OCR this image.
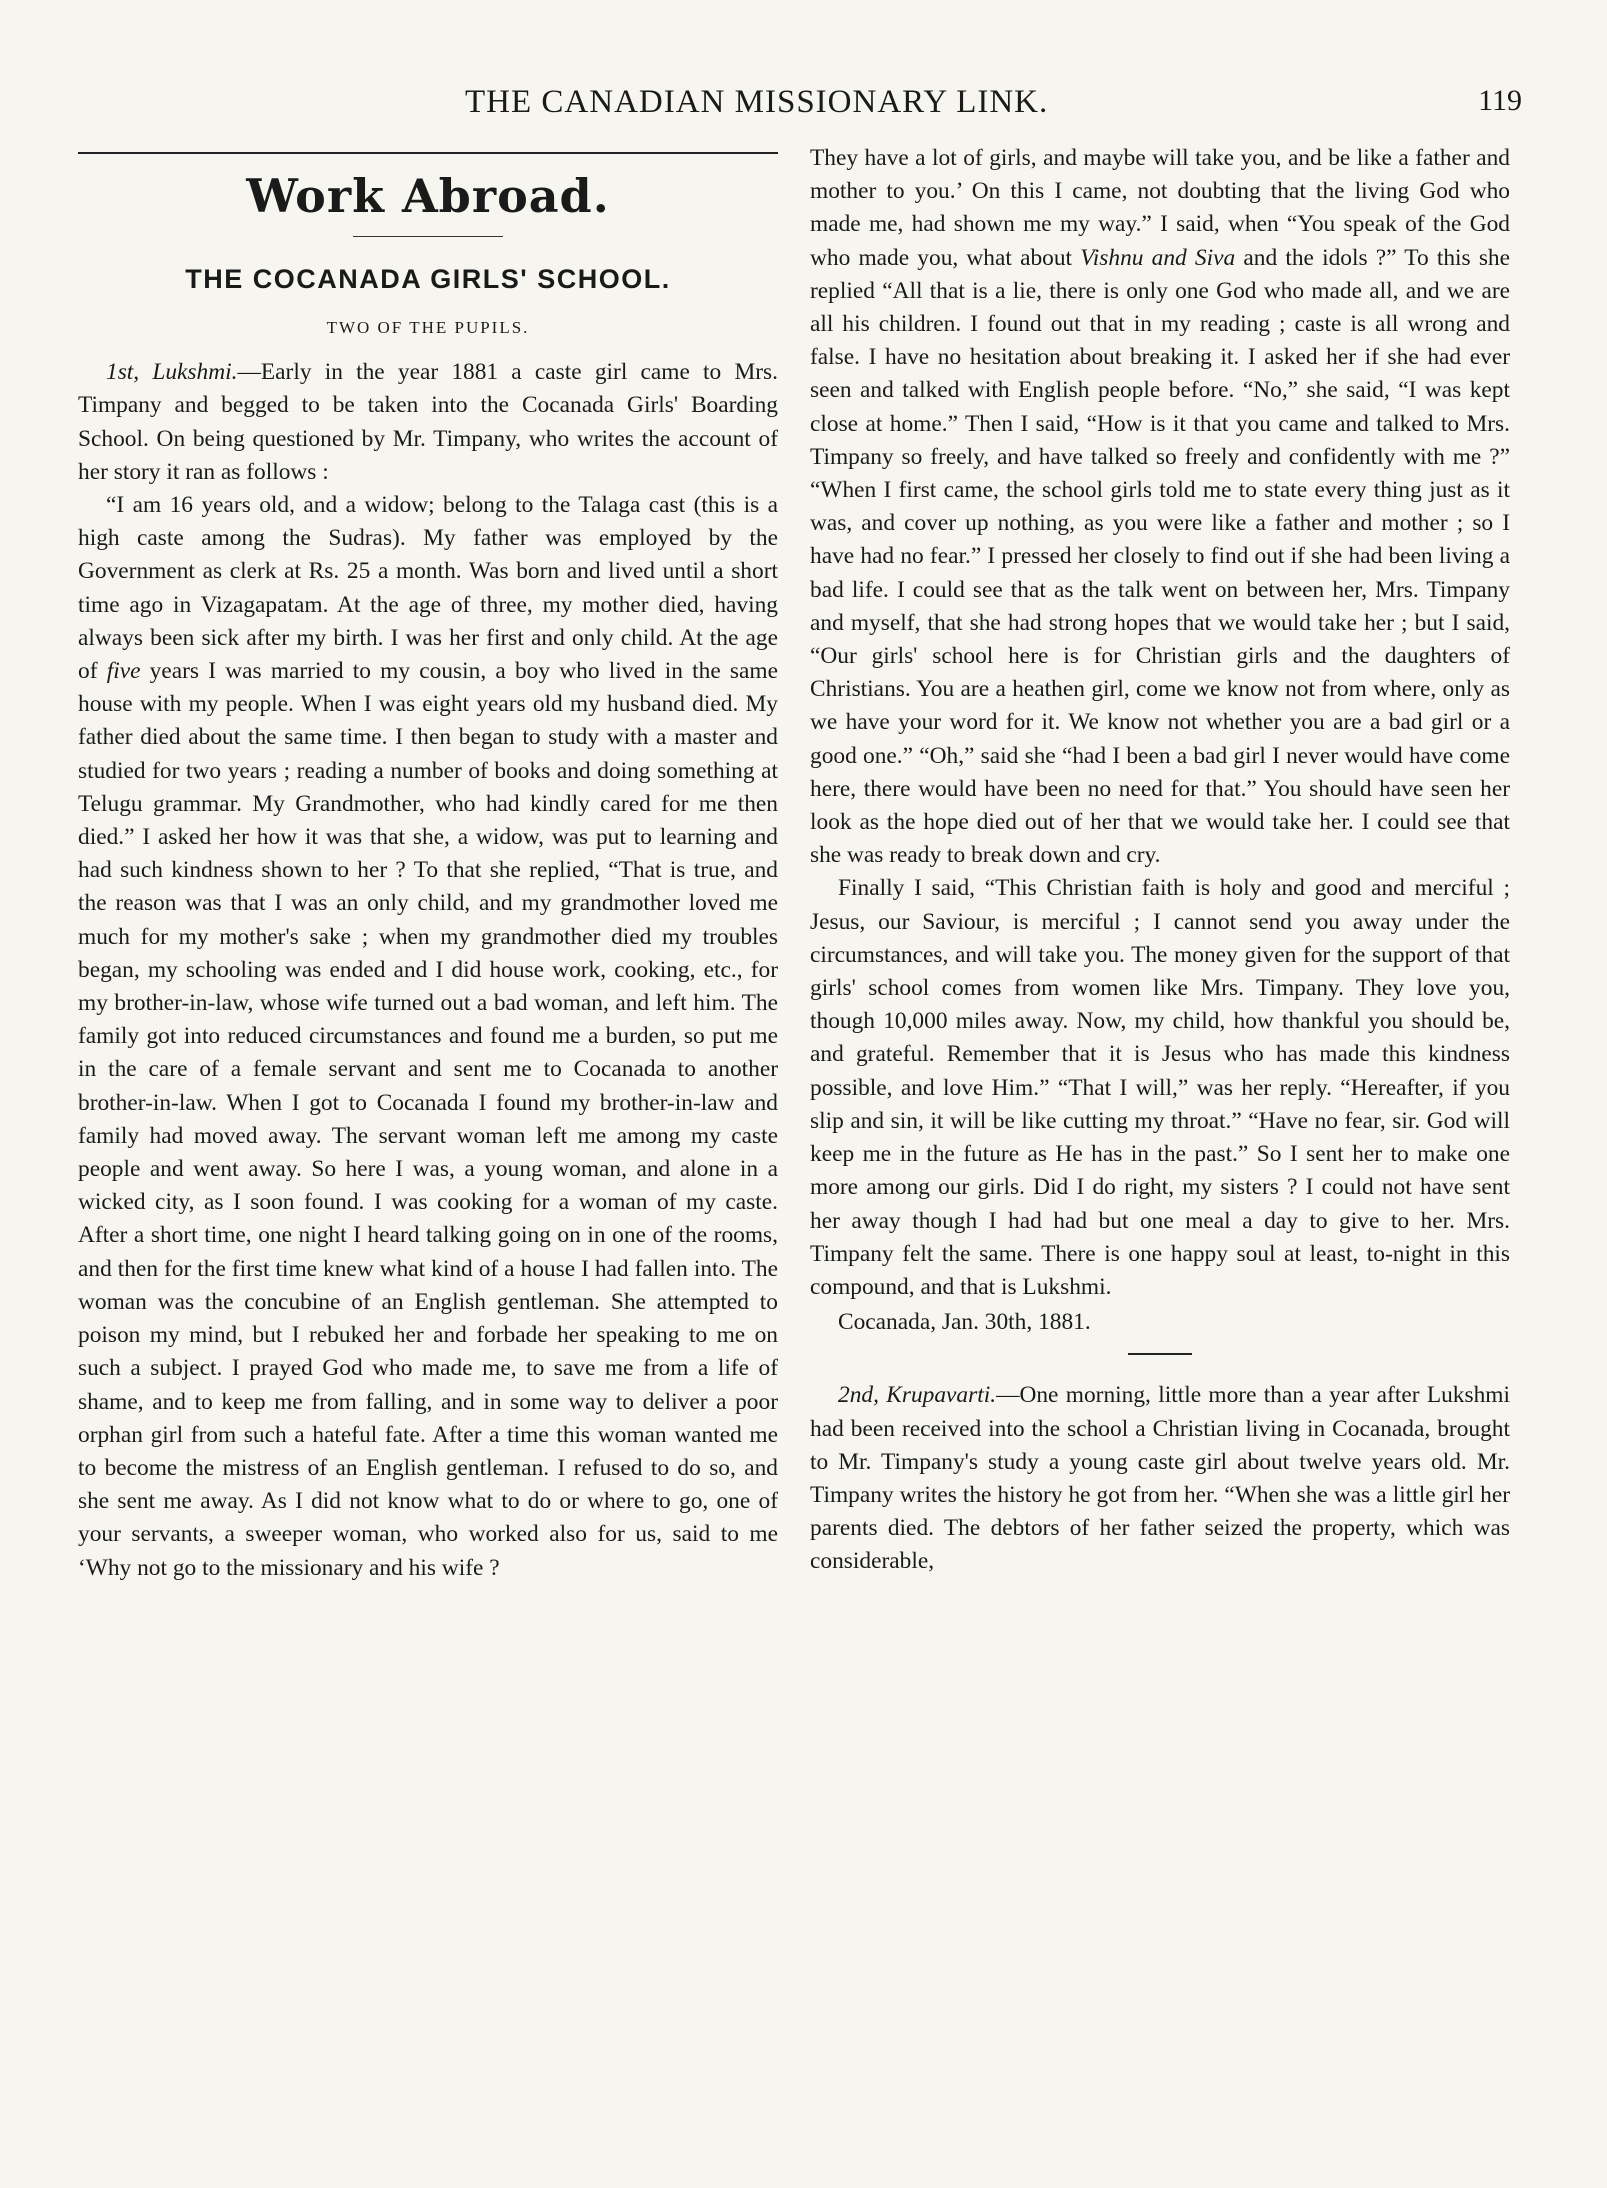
THE CANADIAN MISSIONARY LINK.	119
Work Abroad.
THE COCANADA GIRLS' SCHOOL.
TWO OF THE PUPILS.

1st, Lukshmi.—Early in the year 1881 a caste girl came to Mrs. Timpany and begged to be taken into the Cocanada Girls' Boarding School. On being questioned by Mr. Timpany, who writes the account of her story it ran as follows :

“I am 16 years old, and a widow; belong to the Talaga cast (this is a high caste among the Sudras). My father was employed by the Government as clerk at Rs. 25 a month. Was born and lived until a short time ago in Vizagapatam. At the age of three, my mother died, having always been sick after my birth. I was her first and only child. At the age of five years I was married to my cousin, a boy who lived in the same house with my people. When I was eight years old my husband died. My father died about the same time. I then began to study with a master and studied for two years ; reading a number of books and doing something at Telugu grammar. My Grandmother, who had kindly cared for me then died.” I asked her how it was that she, a widow, was put to learning and had such kindness shown to her ? To that she replied, “That is true, and the reason was that I was an only child, and my grandmother loved me much for my mother's sake ; when my grandmother died my troubles began, my schooling was ended and I did house work, cooking, etc., for my brother-in-law, whose wife turned out a bad woman, and left him. The family got into reduced circumstances and found me a burden, so put me in the care of a female servant and sent me to Cocanada to another brother-in-law. When I got to Cocanada I found my brother-in-law and family had moved away. The servant woman left me among my caste people and went away. So here I was, a young woman, and alone in a wicked city, as I soon found. I was cooking for a woman of my caste. After a short time, one night I heard talking going on in one of the rooms, and then for the first time knew what kind of a house I had fallen into. The woman was the concubine of an English gentleman. She attempted to poison my mind, but I rebuked her and forbade her speaking to me on such a subject. I prayed God who made me, to save me from a life of shame, and to keep me from falling, and in some way to deliver a poor orphan girl from such a hateful fate. After a time this woman wanted me to become the mistress of an English gentleman. I refused to do so, and she sent me away. As I did not know what to do or where to go, one of your servants, a sweeper woman, who worked also for us, said to me ‘Why not go to the missionary and his wife ?

They have a lot of girls, and maybe will take you, and be like a father and mother to you.’ On this I came, not doubting that the living God who made me, had shown me my way.” I said, when “You speak of the God who made you, what about Vishnu and Siva and the idols ?” To this she replied “All that is a lie, there is only one God who made all, and we are all his children. I found out that in my reading ; caste is all wrong and false. I have no hesitation about breaking it. I asked her if she had ever seen and talked with English people before. “No,” she said, “I was kept close at home.” Then I said, “How is it that you came and talked to Mrs. Timpany so freely, and have talked so freely and confidently with me ?” “When I first came, the school girls told me to state every thing just as it was, and cover up nothing, as you were like a father and mother ; so I have had no fear.” I pressed her closely to find out if she had been living a bad life. I could see that as the talk went on between her, Mrs. Timpany and myself, that she had strong hopes that we would take her ; but I said, “Our girls' school here is for Christian girls and the daughters of Christians. You are a heathen girl, come we know not from where, only as we have your word for it. We know not whether you are a bad girl or a good one.” “Oh,” said she “had I been a bad girl I never would have come here, there would have been no need for that.” You should have seen her look as the hope died out of her that we would take her. I could see that she was ready to break down and cry.

Finally I said, “This Christian faith is holy and good and merciful ; Jesus, our Saviour, is merciful ; I cannot send you away under the circumstances, and will take you. The money given for the support of that girls' school comes from women like Mrs. Timpany. They love you, though 10,000 miles away. Now, my child, how thankful you should be, and grateful. Remember that it is Jesus who has made this kindness possible, and love Him.” “That I will,” was her reply. “Hereafter, if you slip and sin, it will be like cutting my throat.” “Have no fear, sir. God will keep me in the future as He has in the past.” So I sent her to make one more among our girls. Did I do right, my sisters ? I could not have sent her away though I had had but one meal a day to give to her. Mrs. Timpany felt the same. There is one happy soul at least, to-night in this compound, and that is Lukshmi.

Cocanada, Jan. 30th, 1881.

2nd, Krupavarti.—One morning, little more than a year after Lukshmi had been received into the school a Christian living in Cocanada, brought to Mr. Timpany's study a young caste girl about twelve years old. Mr. Timpany writes the history he got from her. “When she was a little girl her parents died. The debtors of her father seized the property, which was considerable,
